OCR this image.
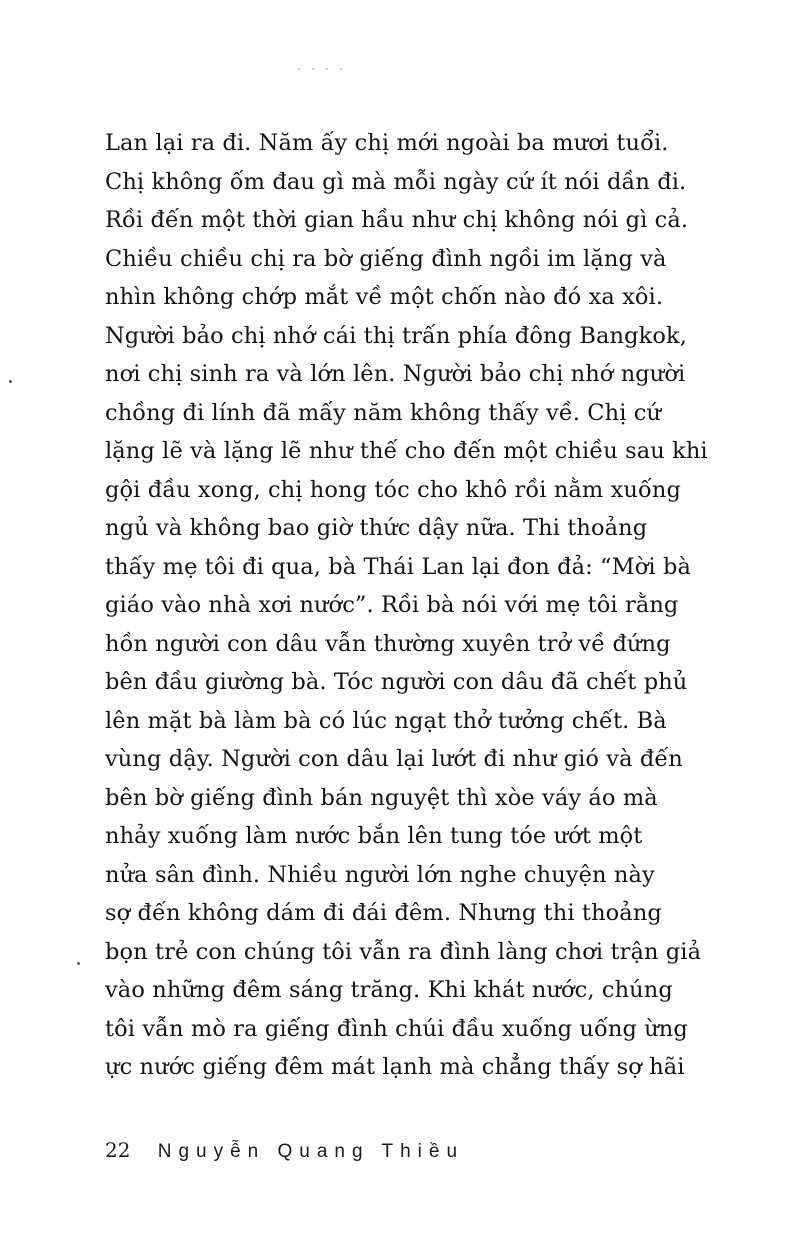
Lan lại ra đi. Năm ấy chị mới ngoài ba mươi tuổi.
Chị không ốm đau gì mà mỗi ngày cứ ít nói dần đi.
Rồi đến một thời gian hầu như chị không nói gì cả.
Chiều chiều chị ra bờ giếng đình ngồi im lặng và
nhìn không chớp mắt về một chốn nào đó xa xôi.
Người bảo chị nhớ cái thị trấn phía đông Bangkok,
nơi chị sinh ra và lớn lên. Người bảo chị nhớ người
chồng đi lính đã mấy năm không thấy về. Chị cứ
lặng lẽ và lặng lẽ như thế cho đến một chiều sau khi
gội đầu xong, chị hong tóc cho khô rồi nằm xuống
ngủ và không bao giờ thức dậy nữa. Thi thoảng
thấy mẹ tôi đi qua, bà Thái Lan lại đon đả: “Mời bà
giáo vào nhà xơi nước”. Rồi bà nói với mẹ tôi rằng
hồn người con dâu vẫn thường xuyên trở về đứng
bên đầu giường bà. Tóc người con dâu đã chết phủ
lên mặt bà làm bà có lúc ngạt thở tưởng chết. Bà
vùng dậy. Người con dâu lại lướt đi như gió và đến
bên bờ giếng đình bán nguyệt thì xòe váy áo mà
nhảy xuống làm nước bắn lên tung tóe ướt một
nửa sân đình. Nhiều người lớn nghe chuyện này
sợ đến không dám đi đái đêm. Nhưng thi thoảng
bọn trẻ con chúng tôi vẫn ra đình làng chơi trận giả
vào những đêm sáng trăng. Khi khát nước, chúng
tôi vẫn mò ra giếng đình chúi đầu xuống uống ừng
ực nước giếng đêm mát lạnh mà chẳng thấy sợ hãi
22 Nguyễn Quang Thiều
